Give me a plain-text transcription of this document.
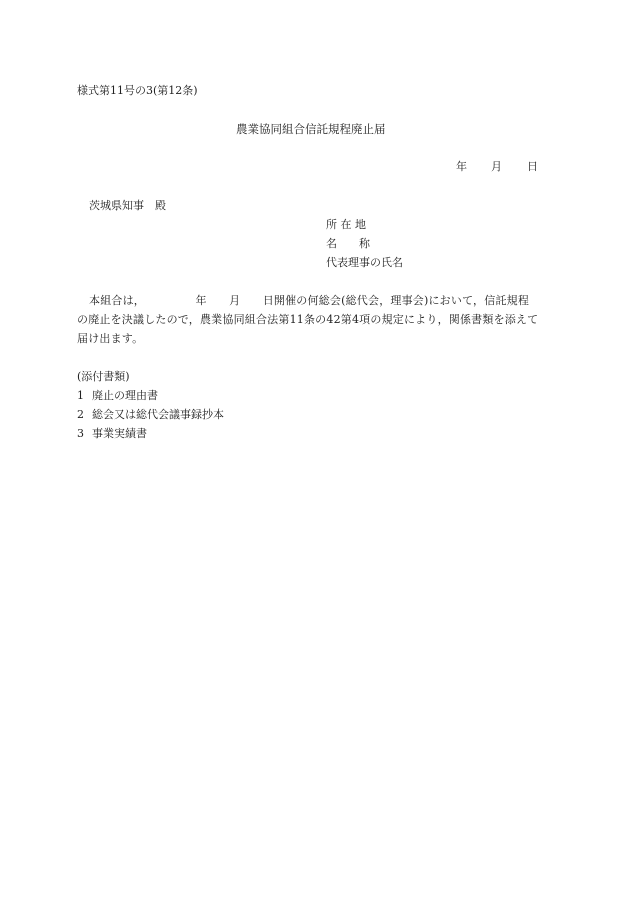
様式第11号の3(第12条)
農業協同組合信託規程廃止届
年 月 日
茨城県知事　殿
所 在 地
名　　称
代表理事の氏名
本組合は，　　　　　年　　月　　日開催の何総会(総代会，理事会)において，信託規程
の廃止を決議したので，農業協同組合法第11条の42第4項の規定により，関係書類を添えて
届け出ます。
(添付書類)
1 廃止の理由書
2 総会又は総代会議事録抄本
3 事業実績書
